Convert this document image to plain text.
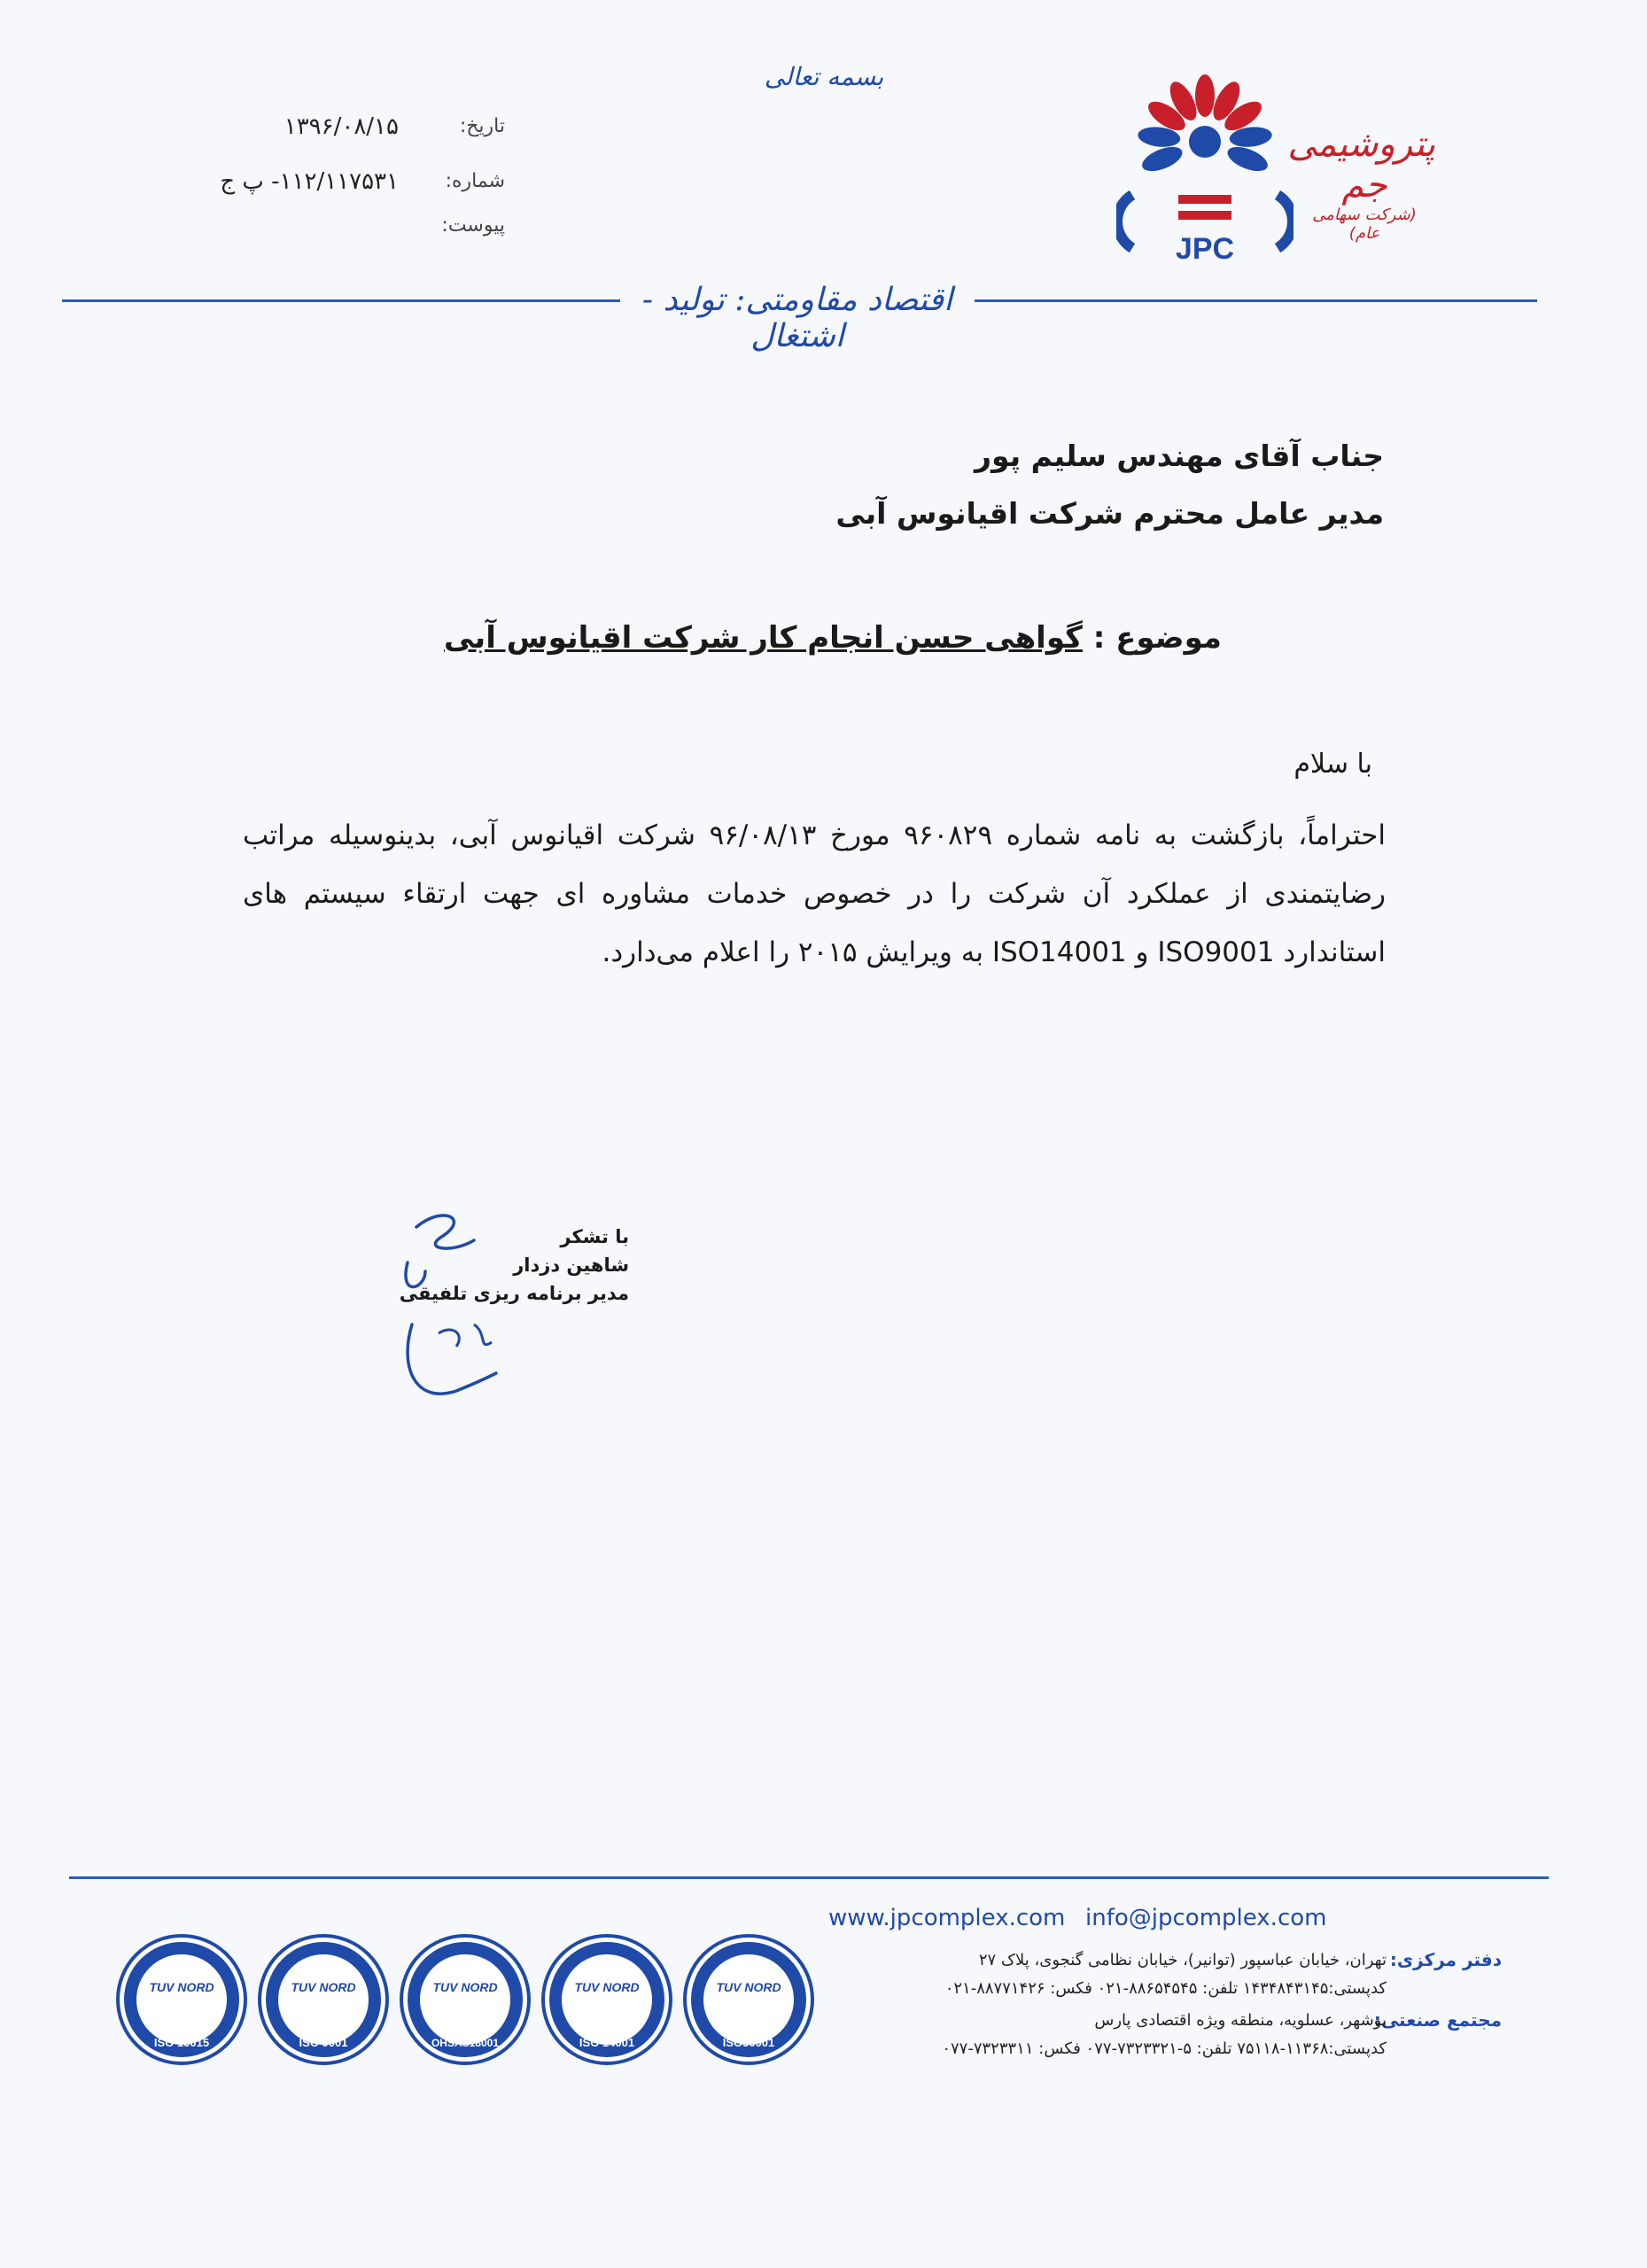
بسمه تعالی
تاریخ:
۱۳۹۶/۰۸/۱۵
شماره:
۱۱۲/۱۱۷۵۳۱- پ ج
پیوست:
JPC
پتروشیمی جم
(شرکت سهامی عام)
اقتصاد مقاومتی: تولید - اشتغال
جناب آقای مهندس سلیم پور
مدیر عامل محترم شرکت اقیانوس آبی
موضوع : گواهی حسن انجام کار شرکت اقیانوس آبی
با سلام
احتراماً، بازگشت به نامه شماره ۹۶۰۸۲۹ مورخ ۹۶/۰۸/۱۳ شرکت اقیانوس آبی، بدینوسیله مراتب رضایتمندی از عملکرد آن شرکت را در خصوص خدمات مشاوره ای جهت ارتقاء سیستم های استاندارد ISO9001 و ISO14001 به ویرایش ۲۰۱۵ را اعلام می‌دارد.
با تشکر
شاهین دزدار
مدیر برنامه ریزی تلفیقی
www.jpcomplex.com info@jpcomplex.com
دفتر مرکزی:
تهران، خیابان عباسپور (توانیر)، خیابان نظامی گنجوی، پلاک ۲۷
کدپستی:۱۴۳۴۸۴۳۱۴۵ تلفن: ۸۸۶۵۴۵۴۵-۰۲۱ فکس: ۸۸۷۷۱۴۲۶-۰۲۱
مجتمع صنعتی:
بوشهر، عسلویه، منطقه ویژه اقتصادی پارس
کدپستی:۱۱۳۶۸-۷۵۱۱۸ تلفن: ۵-۷۳۲۳۳۲۱-۰۷۷ فکس: ۷۳۲۳۳۱۱-۰۷۷
TUV NORD
ISO 10015
TUV NORD
ISO 9001
TUV NORD
OHSAS18001
TUV NORD
ISO 14001
TUV NORD
ISO50001
